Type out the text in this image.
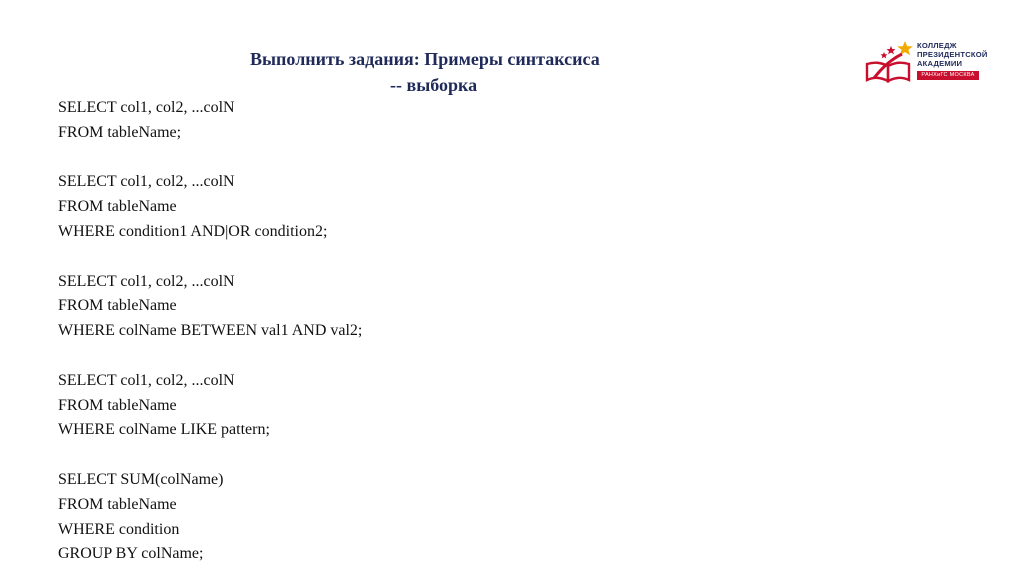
Выполнить задания: Примеры синтаксиса
-- выборка
КОЛЛЕДЖ
ПРЕЗИДЕНТСКОЙ
АКАДЕМИИ
РАНХиГС МОСКВА
SELECT col1, col2, ...colN
FROM tableName;
SELECT col1, col2, ...colN
FROM tableName
WHERE condition1 AND|OR condition2;
SELECT col1, col2, ...colN
FROM tableName
WHERE colName BETWEEN val1 AND val2;
SELECT col1, col2, ...colN
FROM tableName
WHERE colName LIKE pattern;
SELECT SUM(colName)
FROM tableName
WHERE condition
GROUP BY colName;
